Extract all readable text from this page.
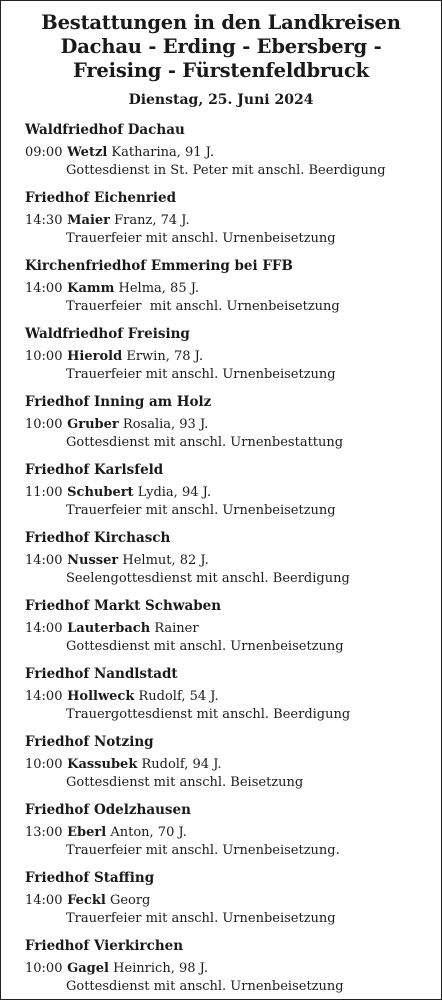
Bestattungen in den Landkreisen
Dachau - Erding - Ebersberg -
Freising - Fürstenfeldbruck
Dienstag, 25. Juni 2024
Waldfriedhof Dachau
09:00 Wetzl Katharina, 91 J.
Gottesdienst in St. Peter mit anschl. Beerdigung
Friedhof Eichenried
14:30 Maier Franz, 74 J.
Trauerfeier mit anschl. Urnenbeisetzung
Kirchenfriedhof Emmering bei FFB
14:00 Kamm Helma, 85 J.
Trauerfeier  mit anschl. Urnenbeisetzung
Waldfriedhof Freising
10:00 Hierold Erwin, 78 J.
Trauerfeier mit anschl. Urnenbeisetzung
Friedhof Inning am Holz
10:00 Gruber Rosalia, 93 J.
Gottesdienst mit anschl. Urnenbestattung
Friedhof Karlsfeld
11:00 Schubert Lydia, 94 J.
Trauerfeier mit anschl. Urnenbeisetzung
Friedhof Kirchasch
14:00 Nusser Helmut, 82 J.
Seelengottesdienst mit anschl. Beerdigung
Friedhof Markt Schwaben
14:00 Lauterbach Rainer
Gottesdienst mit anschl. Urnenbeisetzung
Friedhof Nandlstadt
14:00 Hollweck Rudolf, 54 J.
Trauergottesdienst mit anschl. Beerdigung
Friedhof Notzing
10:00 Kassubek Rudolf, 94 J.
Gottesdienst mit anschl. Beisetzung
Friedhof Odelzhausen
13:00 Eberl Anton, 70 J.
Trauerfeier mit anschl. Urnenbeisetzung.
Friedhof Staffing
14:00 Feckl Georg
Trauerfeier mit anschl. Urnenbeisetzung
Friedhof Vierkirchen
10:00 Gagel Heinrich, 98 J.
Gottesdienst mit anschl. Urnenbeisetzung
